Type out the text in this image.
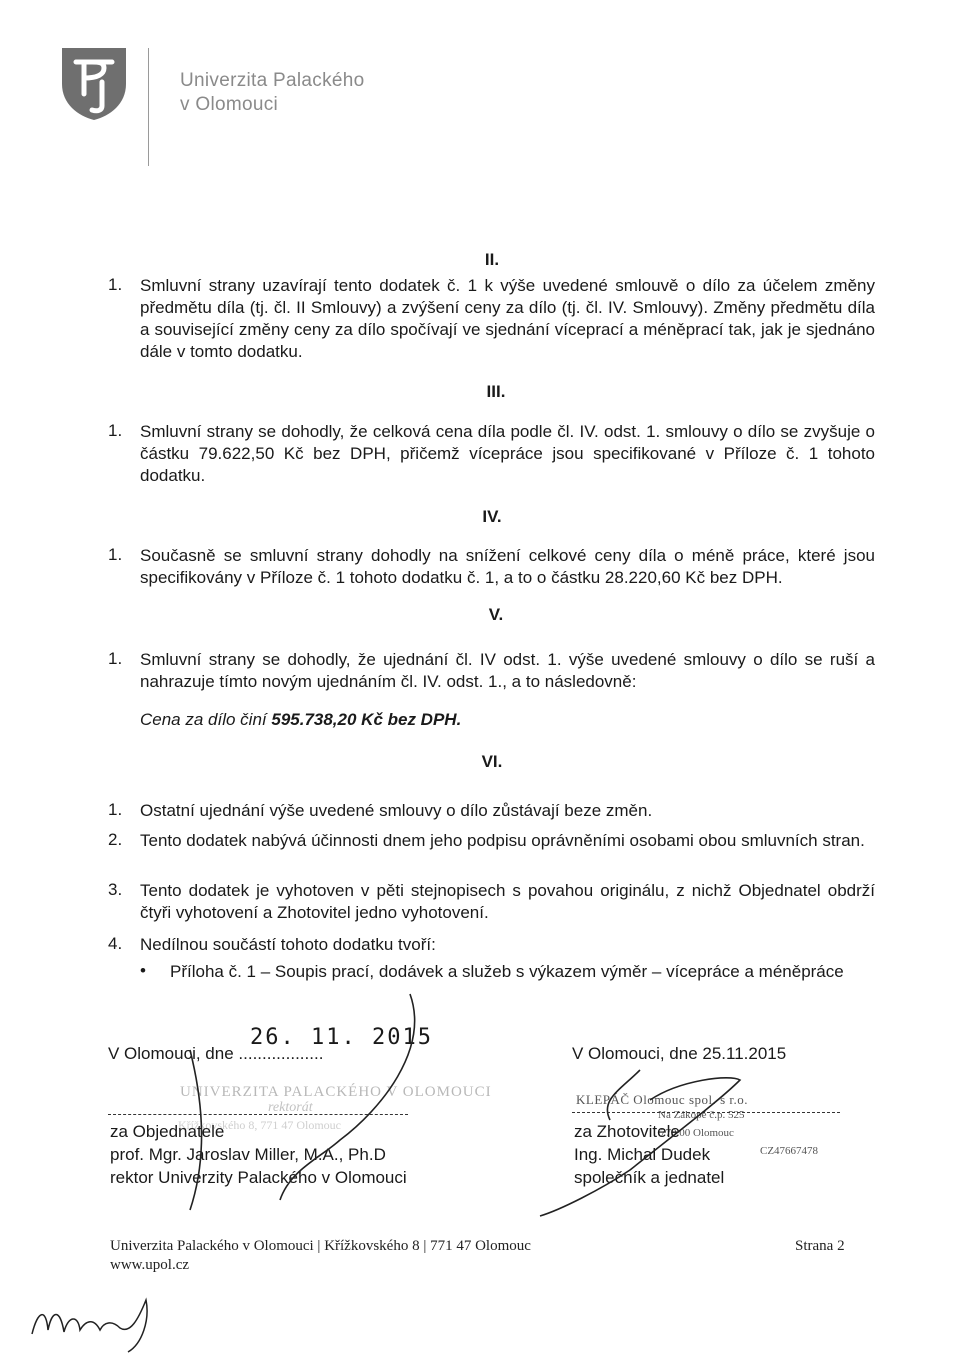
Univerzita Palackého
v Olomouci
II.
1. Smluvní strany uzavírají tento dodatek č. 1 k výše uvedené smlouvě o dílo za účelem změny předmětu díla (tj. čl. II Smlouvy) a zvýšení ceny za dílo (tj. čl. IV. Smlouvy). Změny předmětu díla a související změny ceny za dílo spočívají ve sjednání víceprací a méněprací tak, jak je sjednáno dále v tomto dodatku.
III.
1. Smluvní strany se dohodly, že celková cena díla podle čl. IV. odst. 1. smlouvy o dílo se zvyšuje o částku 79.622,50 Kč bez DPH, přičemž vícepráce jsou specifikované v Příloze č. 1 tohoto dodatku.
IV.
1. Současně se smluvní strany dohodly na snížení celkové ceny díla o méně práce, které jsou specifikovány v Příloze č. 1 tohoto dodatku č. 1, a to o částku 28.220,60 Kč bez DPH.
V.
1. Smluvní strany se dohodly, že ujednání čl. IV odst. 1. výše uvedené smlouvy o dílo se ruší a nahrazuje tímto novým ujednáním čl. IV. odst. 1., a to následovně:
Cena za dílo činí 595.738,20 Kč bez DPH.
VI.
1. Ostatní ujednání výše uvedené smlouvy o dílo zůstávají beze změn.
2. Tento dodatek nabývá účinnosti dnem jeho podpisu oprávněními osobami obou smluvních stran.
3. Tento dodatek je vyhotoven v pěti stejnopisech s povahou originálu, z nichž Objednatel obdrží čtyři vyhotovení a Zhotovitel jedno vyhotovení.
4. Nedílnou součástí tohoto dodatku tvoří:
• Příloha č. 1 – Soupis prací, dodávek a služeb s výkazem výměr – vícepráce a méněpráce
26. 11. 2015
V Olomouci, dne ..................
UNIVERZITA PALACKÉHO V OLOMOUCI
rektorát
Křížkovského 8, 771 47 Olomouc
za Objednatele
prof. Mgr. Jaroslav Miller, M.A., Ph.D
rektor Univerzity Palackého v Olomouci
V Olomouci, dne 25.11.2015
KLEPÁČ Olomouc spol. s r.o.
Na Zákopě č.p. 525
779 00 Olomouc
CZ47667478
za Zhotovitele
Ing. Michal Dudek
společník a jednatel
Univerzita Palackého v Olomouci | Křížkovského 8 | 771 47 Olomouc
www.upol.cz
Strana 2
